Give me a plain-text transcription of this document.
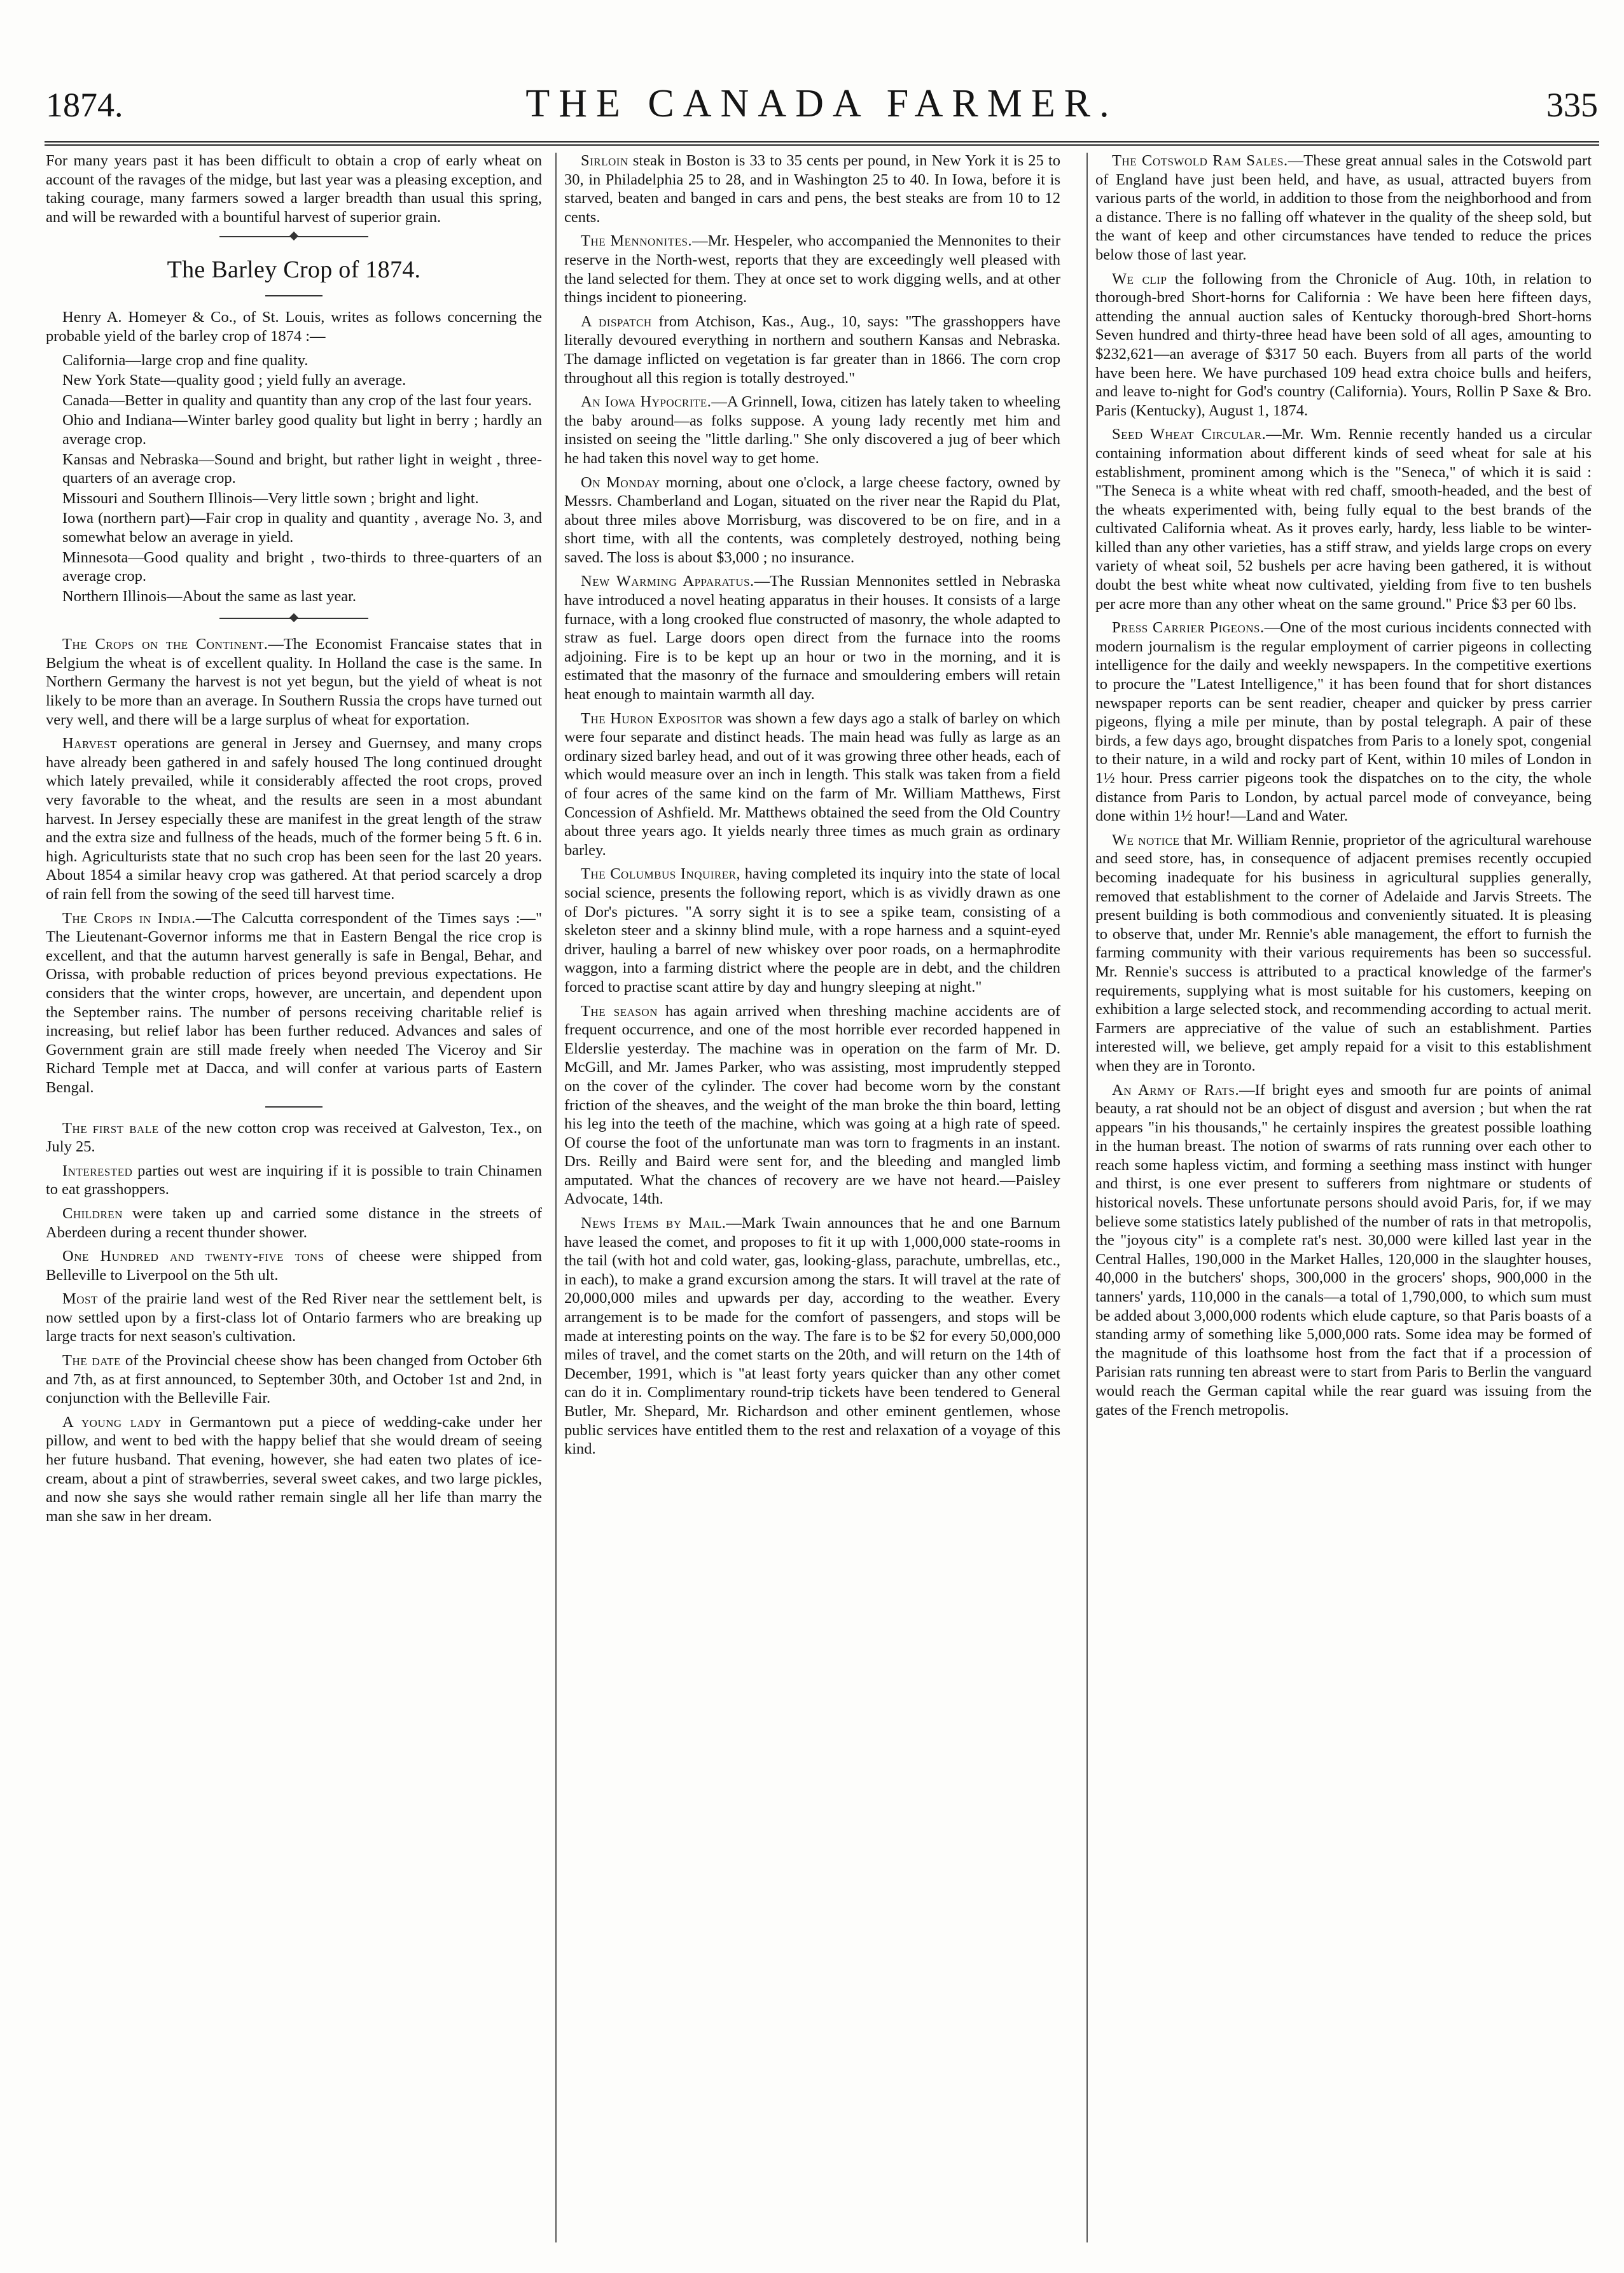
1874.	THE CANADA FARMER.	335

For many years past it has been difficult to obtain a crop of early wheat on account of the ravages of the midge, but last year was a pleasing exception, and taking courage, many farmers sowed a larger breadth than usual this spring, and will be rewarded with a bountiful harvest of superior grain.

The Barley Crop of 1874.

Henry A. Homeyer & Co., of St. Louis, writes as follows concerning the probable yield of the barley crop of 1874 :—

California—large crop and fine quality.
New York State—quality good ; yield fully an average.
Canada—Better in quality and quantity than any crop of the last four years.
Ohio and Indiana—Winter barley good quality but light in berry ; hardly an average crop.
Kansas and Nebraska—Sound and bright, but rather light in weight , three-quarters of an average crop.
Missouri and Southern Illinois—Very little sown ; bright and light.
Iowa (northern part)—Fair crop in quality and quantity , average No. 3, and somewhat below an average in yield.
Minnesota—Good quality and bright , two-thirds to three-quarters of an average crop.
Northern Illinois—About the same as last year.

The Crops on the Continent.—The Economist Francaise states that in Belgium the wheat is of excellent quality. In Holland the case is the same. In Northern Germany the harvest is not yet begun, but the yield of wheat is not likely to be more than an average. In Southern Russia the crops have turned out very well, and there will be a large surplus of wheat for exportation.

Harvest operations are general in Jersey and Guernsey, and many crops have already been gathered in and safely housed The long continued drought which lately prevailed, while it considerably affected the root crops, proved very favorable to the wheat, and the results are seen in a most abundant harvest. In Jersey especially these are manifest in the great length of the straw and the extra size and fullness of the heads, much of the former being 5 ft. 6 in. high. Agriculturists state that no such crop has been seen for the last 20 years. About 1854 a similar heavy crop was gathered. At that period scarcely a drop of rain fell from the sowing of the seed till harvest time.

The Crops in India.—The Calcutta correspondent of the Times says :—" The Lieutenant-Governor informs me that in Eastern Bengal the rice crop is excellent, and that the autumn harvest generally is safe in Bengal, Behar, and Orissa, with probable reduction of prices beyond previous expectations. He considers that the winter crops, however, are uncertain, and dependent upon the September rains. The number of persons receiving charitable relief is increasing, but relief labor has been further reduced. Advances and sales of Government grain are still made freely when needed The Viceroy and Sir Richard Temple met at Dacca, and will confer at various parts of Eastern Bengal.

The first bale of the new cotton crop was received at Galveston, Tex., on July 25.

Interested parties out west are inquiring if it is possible to train Chinamen to eat grasshoppers.

Children were taken up and carried some distance in the streets of Aberdeen during a recent thunder shower.

One Hundred and twenty-five tons of cheese were shipped from Belleville to Liverpool on the 5th ult.

Most of the prairie land west of the Red River near the settlement belt, is now settled upon by a first-class lot of Ontario farmers who are breaking up large tracts for next season's cultivation.

The date of the Provincial cheese show has been changed from October 6th and 7th, as at first announced, to September 30th, and October 1st and 2nd, in conjunction with the Belleville Fair.

A young lady in Germantown put a piece of wedding-cake under her pillow, and went to bed with the happy belief that she would dream of seeing her future husband. That evening, however, she had eaten two plates of ice-cream, about a pint of strawberries, several sweet cakes, and two large pickles, and now she says she would rather remain single all her life than marry the man she saw in her dream.

Sirloin steak in Boston is 33 to 35 cents per pound, in New York it is 25 to 30, in Philadelphia 25 to 28, and in Washington 25 to 40. In Iowa, before it is starved, beaten and banged in cars and pens, the best steaks are from 10 to 12 cents.

The Mennonites.—Mr. Hespeler, who accompanied the Mennonites to their reserve in the North-west, reports that they are exceedingly well pleased with the land selected for them. They at once set to work digging wells, and at other things incident to pioneering.

A dispatch from Atchison, Kas., Aug., 10, says: "The grasshoppers have literally devoured everything in northern and southern Kansas and Nebraska. The damage inflicted on vegetation is far greater than in 1866. The corn crop throughout all this region is totally destroyed."

An Iowa Hypocrite.—A Grinnell, Iowa, citizen has lately taken to wheeling the baby around—as folks suppose. A young lady recently met him and insisted on seeing the "little darling." She only discovered a jug of beer which he had taken this novel way to get home.

On Monday morning, about one o'clock, a large cheese factory, owned by Messrs. Chamberland and Logan, situated on the river near the Rapid du Plat, about three miles above Morrisburg, was discovered to be on fire, and in a short time, with all the contents, was completely destroyed, nothing being saved. The loss is about $3,000 ; no insurance.

New Warming Apparatus.—The Russian Mennonites settled in Nebraska have introduced a novel heating apparatus in their houses. It consists of a large furnace, with a long crooked flue constructed of masonry, the whole adapted to straw as fuel. Large doors open direct from the furnace into the rooms adjoining. Fire is to be kept up an hour or two in the morning, and it is estimated that the masonry of the furnace and smouldering embers will retain heat enough to maintain warmth all day.

The Huron Expositor was shown a few days ago a stalk of barley on which were four separate and distinct heads. The main head was fully as large as an ordinary sized barley head, and out of it was growing three other heads, each of which would measure over an inch in length. This stalk was taken from a field of four acres of the same kind on the farm of Mr. William Matthews, First Concession of Ashfield. Mr. Matthews obtained the seed from the Old Country about three years ago. It yields nearly three times as much grain as ordinary barley.

The Columbus Inquirer, having completed its inquiry into the state of local social science, presents the following report, which is as vividly drawn as one of Dor's pictures. "A sorry sight it is to see a spike team, consisting of a skeleton steer and a skinny blind mule, with a rope harness and a squint-eyed driver, hauling a barrel of new whiskey over poor roads, on a hermaphrodite waggon, into a farming district where the people are in debt, and the children forced to practise scant attire by day and hungry sleeping at night."

The season has again arrived when threshing machine accidents are of frequent occurrence, and one of the most horrible ever recorded happened in Elderslie yesterday. The machine was in operation on the farm of Mr. D. McGill, and Mr. James Parker, who was assisting, most imprudently stepped on the cover of the cylinder. The cover had become worn by the constant friction of the sheaves, and the weight of the man broke the thin board, letting his leg into the teeth of the machine, which was going at a high rate of speed. Of course the foot of the unfortunate man was torn to fragments in an instant. Drs. Reilly and Baird were sent for, and the bleeding and mangled limb amputated. What the chances of recovery are we have not heard.—Paisley Advocate, 14th.

News Items by Mail.—Mark Twain announces that he and one Barnum have leased the comet, and proposes to fit it up with 1,000,000 state-rooms in the tail (with hot and cold water, gas, looking-glass, parachute, umbrellas, etc., in each), to make a grand excursion among the stars. It will travel at the rate of 20,000,000 miles and upwards per day, according to the weather. Every arrangement is to be made for the comfort of passengers, and stops will be made at interesting points on the way. The fare is to be $2 for every 50,000,000 miles of travel, and the comet starts on the 20th, and will return on the 14th of December, 1991, which is "at least forty years quicker than any other comet can do it in. Complimentary round-trip tickets have been tendered to General Butler, Mr. Shepard, Mr. Richardson and other eminent gentlemen, whose public services have entitled them to the rest and relaxation of a voyage of this kind.

The Cotswold Ram Sales.—These great annual sales in the Cotswold part of England have just been held, and have, as usual, attracted buyers from various parts of the world, in addition to those from the neighborhood and from a distance. There is no falling off whatever in the quality of the sheep sold, but the want of keep and other circumstances have tended to reduce the prices below those of last year.

We clip the following from the Chronicle of Aug. 10th, in relation to thorough-bred Short-horns for California : We have been here fifteen days, attending the annual auction sales of Kentucky thorough-bred Short-horns Seven hundred and thirty-three head have been sold of all ages, amounting to $232,621—an average of $317 50 each. Buyers from all parts of the world have been here. We have purchased 109 head extra choice bulls and heifers, and leave to-night for God's country (California). Yours, Rollin P Saxe & Bro. Paris (Kentucky), August 1, 1874.

Seed Wheat Circular.—Mr. Wm. Rennie recently handed us a circular containing information about different kinds of seed wheat for sale at his establishment, prominent among which is the "Seneca," of which it is said : "The Seneca is a white wheat with red chaff, smooth-headed, and the best of the wheats experimented with, being fully equal to the best brands of the cultivated California wheat. As it proves early, hardy, less liable to be winter-killed than any other varieties, has a stiff straw, and yields large crops on every variety of wheat soil, 52 bushels per acre having been gathered, it is without doubt the best white wheat now cultivated, yielding from five to ten bushels per acre more than any other wheat on the same ground." Price $3 per 60 lbs.

Press Carrier Pigeons.—One of the most curious incidents connected with modern journalism is the regular employment of carrier pigeons in collecting intelligence for the daily and weekly newspapers. In the competitive exertions to procure the "Latest Intelligence," it has been found that for short distances newspaper reports can be sent readier, cheaper and quicker by press carrier pigeons, flying a mile per minute, than by postal telegraph. A pair of these birds, a few days ago, brought dispatches from Paris to a lonely spot, congenial to their nature, in a wild and rocky part of Kent, within 10 miles of London in 1½ hour. Press carrier pigeons took the dispatches on to the city, the whole distance from Paris to London, by actual parcel mode of conveyance, being done within 1½ hour!—Land and Water.

We notice that Mr. William Rennie, proprietor of the agricultural warehouse and seed store, has, in consequence of adjacent premises recently occupied becoming inadequate for his business in agricultural supplies generally, removed that establishment to the corner of Adelaide and Jarvis Streets. The present building is both commodious and conveniently situated. It is pleasing to observe that, under Mr. Rennie's able management, the effort to furnish the farming community with their various requirements has been so successful. Mr. Rennie's success is attributed to a practical knowledge of the farmer's requirements, supplying what is most suitable for his customers, keeping on exhibition a large selected stock, and recommending according to actual merit. Farmers are appreciative of the value of such an establishment. Parties interested will, we believe, get amply repaid for a visit to this establishment when they are in Toronto.

An Army of Rats.—If bright eyes and smooth fur are points of animal beauty, a rat should not be an object of disgust and aversion ; but when the rat appears "in his thousands," he certainly inspires the greatest possible loathing in the human breast. The notion of swarms of rats running over each other to reach some hapless victim, and forming a seething mass instinct with hunger and thirst, is one ever present to sufferers from nightmare or students of historical novels. These unfortunate persons should avoid Paris, for, if we may believe some statistics lately published of the number of rats in that metropolis, the "joyous city" is a complete rat's nest. 30,000 were killed last year in the Central Halles, 190,000 in the Market Halles, 120,000 in the slaughter houses, 40,000 in the butchers' shops, 300,000 in the grocers' shops, 900,000 in the tanners' yards, 110,000 in the canals—a total of 1,790,000, to which sum must be added about 3,000,000 rodents which elude capture, so that Paris boasts of a standing army of something like 5,000,000 rats. Some idea may be formed of the magnitude of this loathsome host from the fact that if a procession of Parisian rats running ten abreast were to start from Paris to Berlin the vanguard would reach the German capital while the rear guard was issuing from the gates of the French metropolis.
